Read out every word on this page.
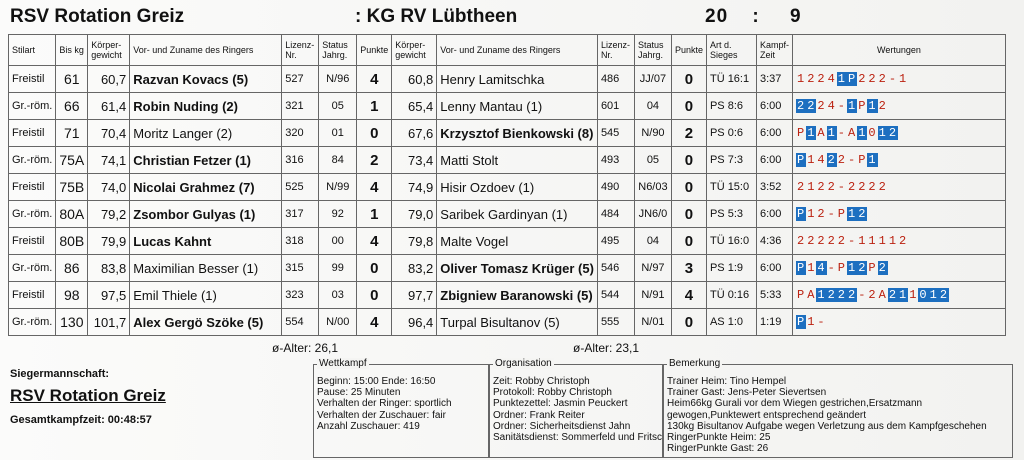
RSV Rotation Greiz	: KG RV Lübtheen	20 : 9
Stilart	Bis kg	Körper-gewicht	Vor- und Zuname des Ringers	Lizenz-Nr.	Status Jahrg.	Punkte	Körper-gewicht	Vor- und Zuname des Ringers	Lizenz-Nr.	Status Jahrg.	Punkte	Art d. Sieges	Kampf-Zeit	Wertungen
Freistil	61	60,7	Razvan Kovacs (5)	527	N/96	4	60,8	Henry Lamitschka	486	JJ/07	0	TÜ 16:1	3:37	1 2 2 4 1 P 2 2 2-1
Gr.-röm.	66	61,4	Robin Nuding (2)	321	05	1	65,4	Lenny Mantau (1)	601	04	0	PS 8:6	6:00	2 2 2 4-1 P 1 2
Freistil	71	70,4	Moritz Langer (2)	320	01	0	67,6	Krzysztof Bienkowski (8)	545	N/90	2	PS 0:6	6:00	P 1 A 1-A 1 0 1 2
Gr.-röm.	75A	74,1	Christian Fetzer (1)	316	84	2	73,4	Matti Stolt	493	05	0	PS 7:3	6:00	P 1 4 2 2-P 1
Freistil	75B	74,0	Nicolai Grahmez (7)	525	N/99	4	74,9	Hisir Ozdoev (1)	490	N6/03	0	TÜ 15:0	3:52	2 1 2 2-2 2 2 2
Gr.-röm.	80A	79,2	Zsombor Gulyas (1)	317	92	1	79,0	Saribek Gardinyan (1)	484	JN6/0	0	PS 5:3	6:00	P 1 2-P 1 2
Freistil	80B	79,9	Lucas Kahnt	318	00	4	79,8	Malte Vogel	495	04	0	TÜ 16:0	4:36	2 2 2 2 2-1 1 1 1 2
Gr.-röm.	86	83,8	Maximilian Besser (1)	315	99	0	83,2	Oliver Tomasz Krüger (5)	546	N/97	3	PS 1:9	6:00	P 1 4-P 1 2 P 2
Freistil	98	97,5	Emil Thiele (1)	323	03	0	97,7	Zbigniew Baranowski (5)	544	N/91	4	TÜ 0:16	5:33	P A 1 2 2 2-2 A 2 1 1 0 1 2
Gr.-röm.	130	101,7	Alex Gergö Szöke (5)	554	N/00	4	96,4	Turpal Bisultanov (5)	555	N/01	0	AS 1:0	1:19	P 1-
ø-Alter: 26,1	ø-Alter: 23,1
Siegermannschaft:
RSV Rotation Greiz
Gesamtkampfzeit: 00:48:57
Wettkampf
Beginn: 15:00 Ende: 16:50
Pause: 25 Minuten
Verhalten der Ringer: sportlich
Verhalten der Zuschauer: fair
Anzahl Zuschauer: 419
Organisation
Zeit: Robby Christoph
Protokoll: Robby Christoph
Punktezettel: Jasmin Peuckert
Ordner: Frank Reiter
Ordner: Sicherheitsdienst Jahn
Sanitätsdienst: Sommerfeld und Fritsc
Bemerkung
Trainer Heim: Tino Hempel
Trainer Gast: Jens-Peter Sievertsen
Heim66kg Gurali vor dem Wiegen gestrichen,Ersatzmann
gewogen,Punktewert entsprechend geändert
130kg Bisultanov Aufgabe wegen Verletzung aus dem Kampfgeschehen
RingerPunkte Heim: 25
RingerPunkte Gast: 26
